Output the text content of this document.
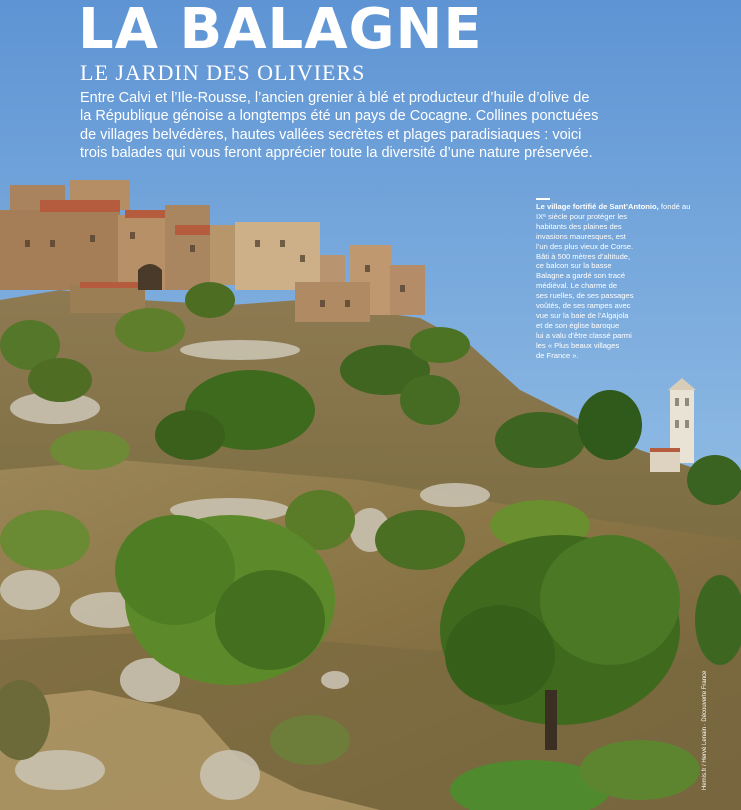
LA BALAGNE
LE JARDIN DES OLIVIERS
Entre Calvi et l’Ile-Rousse, l’ancien grenier à blé et producteur d’huile d’olive de
la République génoise a longtemps été un pays de Cocagne. Collines ponctuées
de villages belvédères, hautes vallées secrètes et plages paradisiaques : voici
trois balades qui vous feront apprécier toute la diversité d’une nature préservée.
Le village fortifié de Sant’Antonio, fondé au
IXᵉ siècle pour protéger les
habitants des plaines des
invasions mauresques, est
l’un des plus vieux de Corse.
Bâti à 500 mètres d’altitude,
ce balcon sur la basse
Balagne a gardé son tracé
médiéval. Le charme de
ses ruelles, de ses passages
voûtés, de ses rampes avec
vue sur la baie de l’Algajola
et de son église baroque
lui a valu d’être classé parmi
les « Plus beaux villages
de France ».
Hemis.fr / Hervé Lenain · Découverte France
